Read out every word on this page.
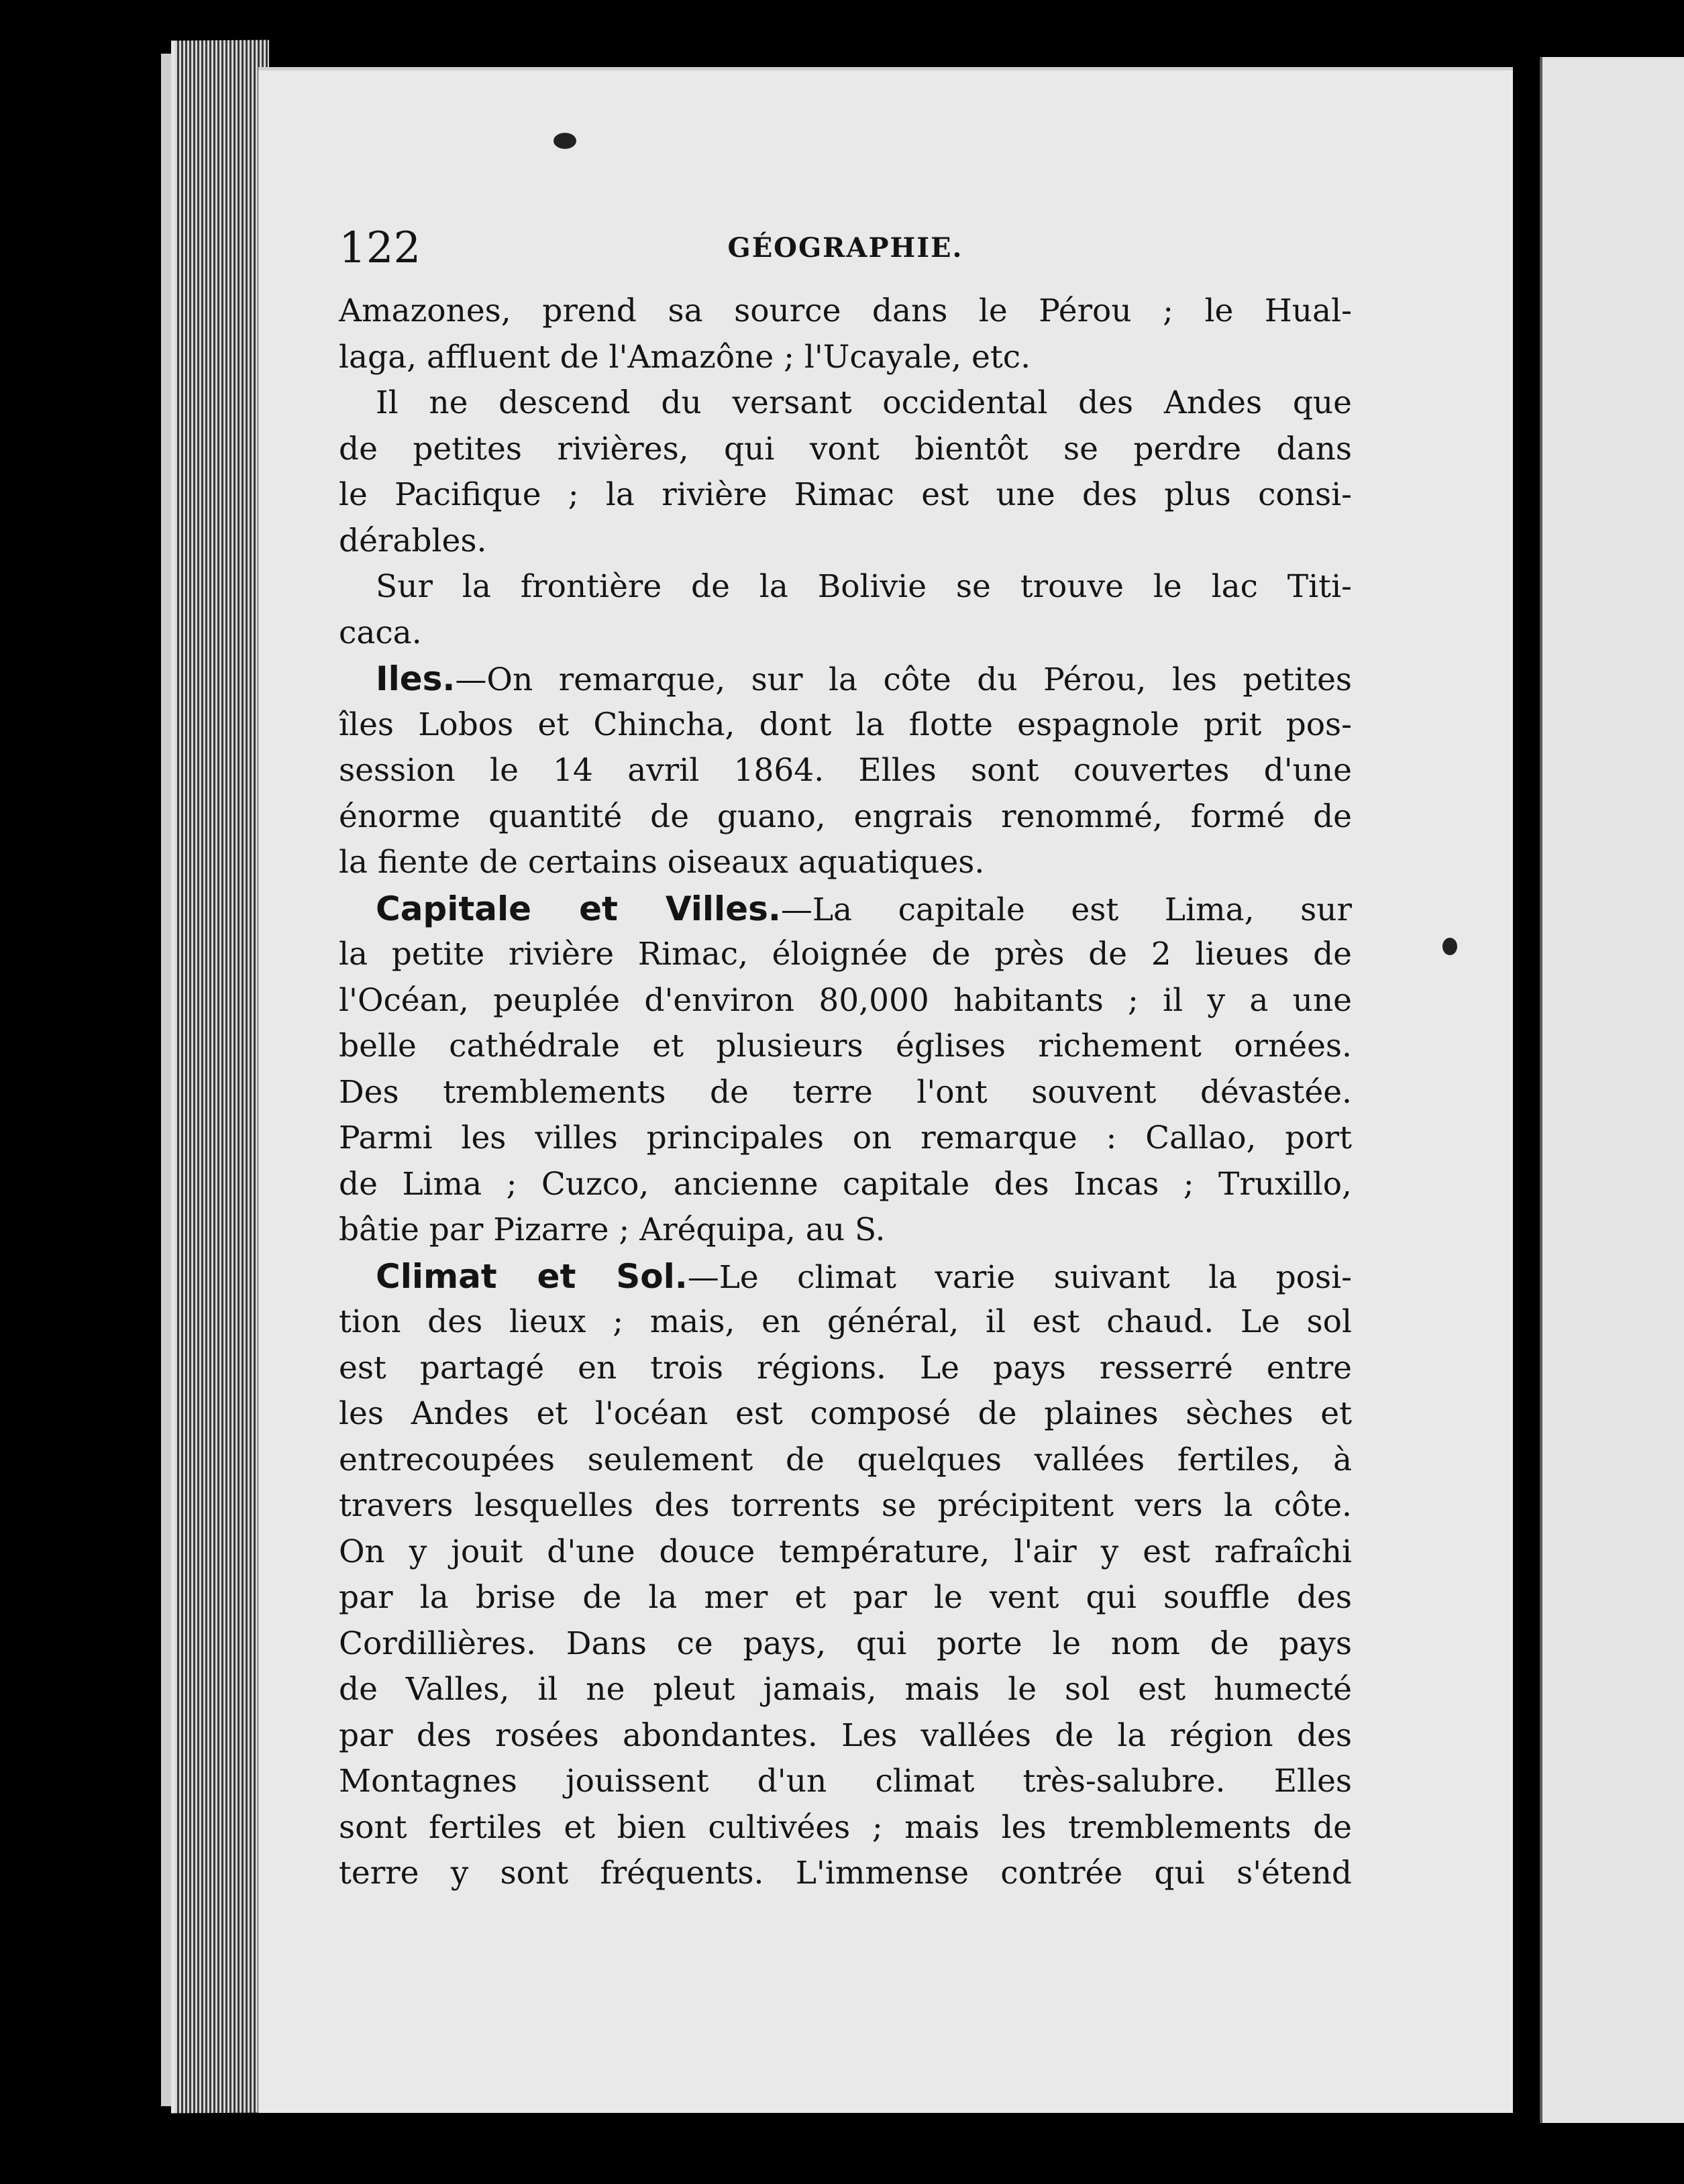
122	GÉOGRAPHIE.
Amazones, prend sa source dans le Pérou ; le Hual-
laga, affluent de l'Amazône ; l'Ucayale, etc.
Il ne descend du versant occidental des Andes que
de petites rivières, qui vont bientôt se perdre dans
le Pacifique ; la rivière Rimac est une des plus consi-
dérables.
Sur la frontière de la Bolivie se trouve le lac Titi-
caca.
Iles.—On remarque, sur la côte du Pérou, les petites
îles Lobos et Chincha, dont la flotte espagnole prit pos-
session le 14 avril 1864. Elles sont couvertes d'une
énorme quantité de guano, engrais renommé, formé de
la fiente de certains oiseaux aquatiques.
Capitale et Villes.—La capitale est Lima, sur
la petite rivière Rimac, éloignée de près de 2 lieues de
l'Océan, peuplée d'environ 80,000 habitants ; il y a une
belle cathédrale et plusieurs églises richement ornées.
Des tremblements de terre l'ont souvent dévastée.
Parmi les villes principales on remarque : Callao, port
de Lima ; Cuzco, ancienne capitale des Incas ; Truxillo,
bâtie par Pizarre ; Aréquipa, au S.
Climat et Sol.—Le climat varie suivant la posi-
tion des lieux ; mais, en général, il est chaud. Le sol
est partagé en trois régions. Le pays resserré entre
les Andes et l'océan est composé de plaines sèches et
entrecoupées seulement de quelques vallées fertiles, à
travers lesquelles des torrents se précipitent vers la côte.
On y jouit d'une douce température, l'air y est rafraîchi
par la brise de la mer et par le vent qui souffle des
Cordillières. Dans ce pays, qui porte le nom de pays
de Valles, il ne pleut jamais, mais le sol est humecté
par des rosées abondantes. Les vallées de la région des
Montagnes jouissent d'un climat très-salubre. Elles
sont fertiles et bien cultivées ; mais les tremblements de
terre y sont fréquents. L'immense contrée qui s'étend
